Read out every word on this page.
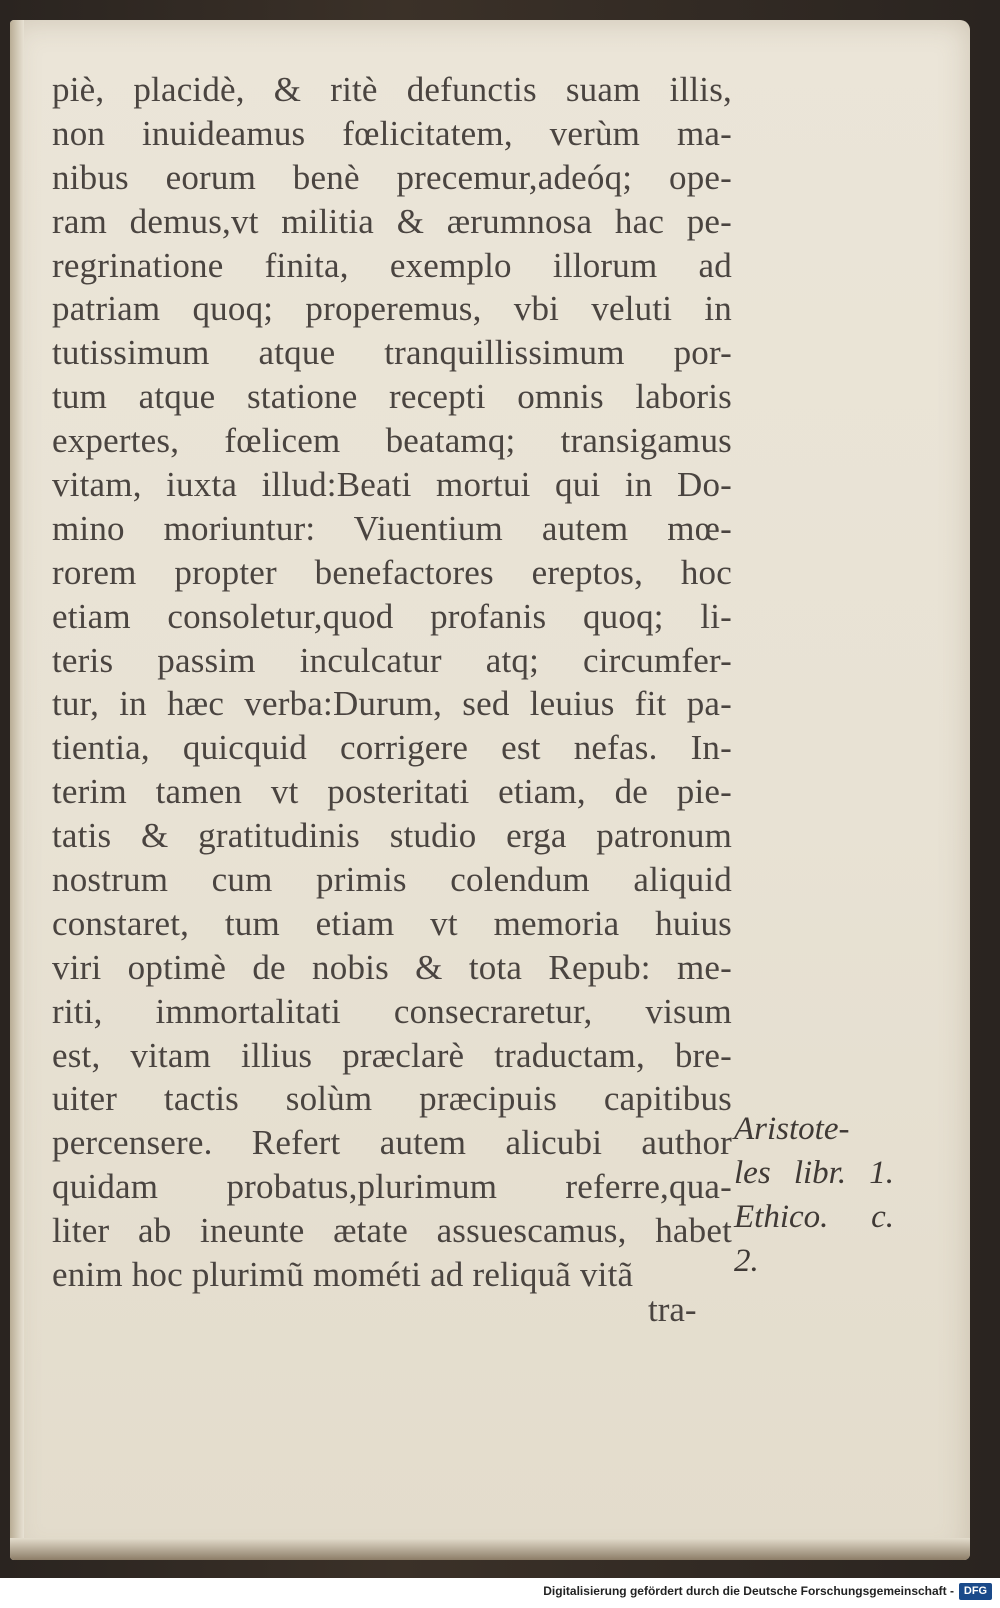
piè, placidè, & ritè defunctis suam illis,
non inuideamus fœlicitatem, verùm ma-
nibus eorum benè precemur,adeóq; ope-
ram demus,vt militia & ærumnosa hac pe-
regrinatione finita, exemplo illorum ad
patriam quoq; properemus, vbi veluti in
tutissimum atque tranquillissimum por-
tum atque statione recepti omnis laboris
expertes, fœlicem beatamq; transigamus
vitam, iuxta illud:Beati mortui qui in Do-
mino moriuntur: Viuentium autem mœ-
rorem propter benefactores ereptos, hoc
etiam consoletur,quod profanis quoq; li-
teris passim inculcatur atq; circumfer-
tur, in hæc verba:Durum, sed leuius fit pa-
tientia, quicquid corrigere est nefas. In-
terim tamen vt posteritati etiam, de pie-
tatis & gratitudinis studio erga patronum
nostrum cum primis colendum aliquid
constaret, tum etiam vt memoria huius
viri optimè de nobis & tota Repub: me-
riti, immortalitati consecraretur, visum
est, vitam illius præclarè traductam, bre-
uiter tactis solùm præcipuis capitibus
percensere. Refert autem alicubi author
quidam probatus,plurimum referre,qua-
liter ab ineunte ætate assuescamus, habet
enim hoc plurimũ mométi ad reliquã vitã
tra-
Aristote-
les libr. 1.
Ethico. c.
2.
Digitalisierung gefördert durch die Deutsche Forschungsgemeinschaft - DFG
